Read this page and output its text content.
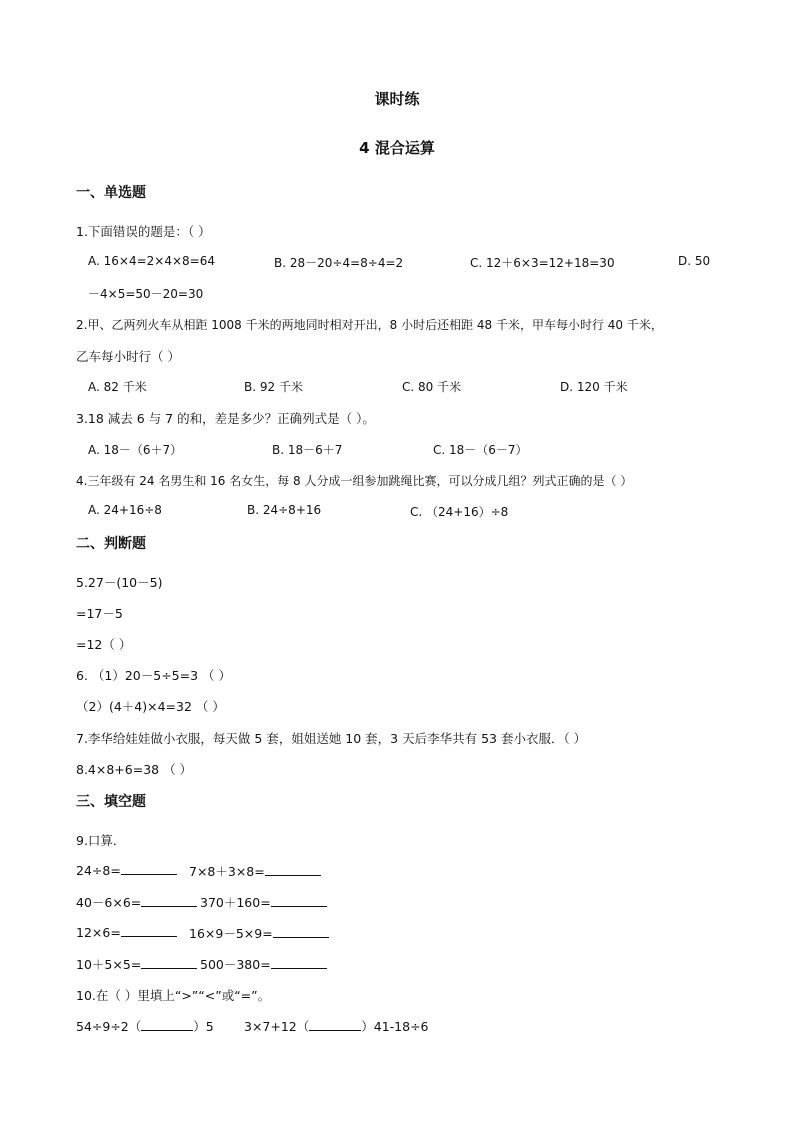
课时练
4 混合运算
一、单选题
1.下面错误的题是：（ ）
A. 16×4=2×4×8=64	B. 28－20÷4=8÷4=2	C. 12＋6×3=12+18=30	D. 50
－4×5=50－20=30
2.甲、乙两列火车从相距 1008 千米的两地同时相对开出，8 小时后还相距 48 千米，甲车每小时行 40 千米，
乙车每小时行（ ）
A. 82 千米	B. 92 千米	C. 80 千米	D. 120 千米
3.18 减去 6 与 7 的和，差是多少？正确列式是（ ）。
A. 18－（6＋7）	B. 18－6＋7	C. 18－（6－7）
4.三年级有 24 名男生和 16 名女生，每 8 人分成一组参加跳绳比赛，可以分成几组？列式正确的是（ ）
A. 24+16÷8	B. 24÷8+16	C. （24+16）÷8
二、判断题
5.27－(10－5)
=17－5
=12（ ）
6. （1）20－5÷5=3 （ ）
（2）(4＋4)×4=32 （ ）
7.李华给娃娃做小衣服，每天做 5 套，姐姐送她 10 套，3 天后李华共有 53 套小衣服．（ ）
8.4×8+6=38 （ ）
三、填空题
9.口算．
24÷8=	7×8＋3×8=
40－6×6=	370＋160=
12×6=	16×9－5×9=
10＋5×5=	500－380=
10.在（ ）里填上“>”“<”或“=”。
54÷9÷2（	）5 3×7+12（	）41-18÷6
